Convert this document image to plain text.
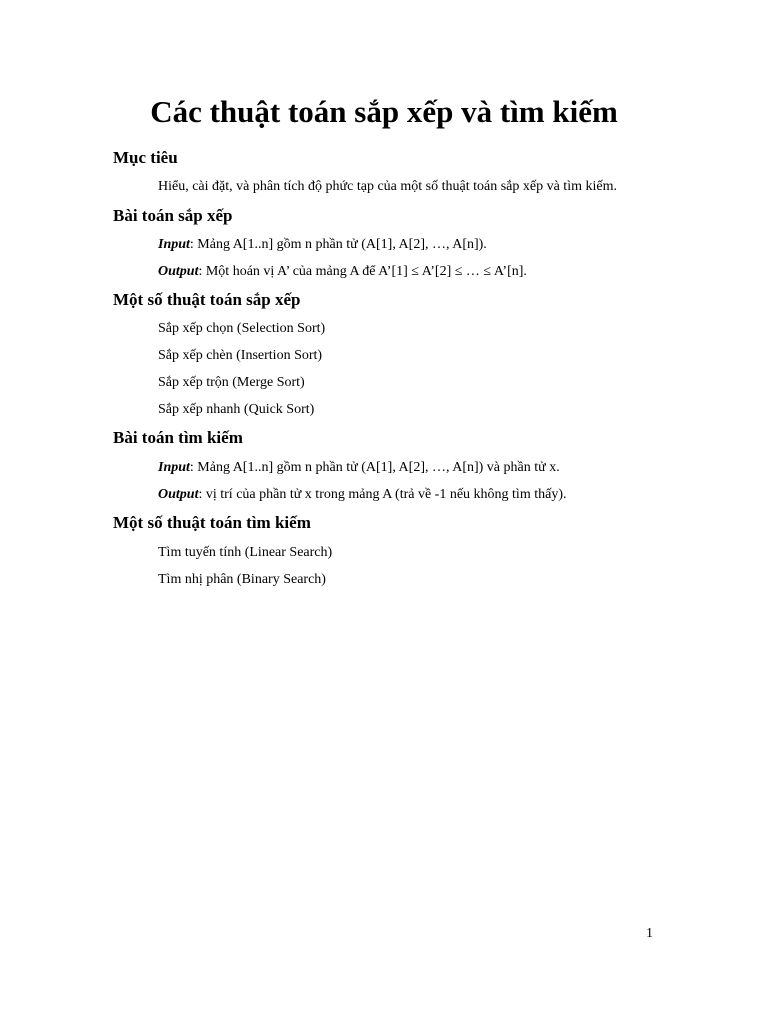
Các thuật toán sắp xếp và tìm kiếm
Mục tiêu

Hiểu, cài đặt, và phân tích độ phức tạp của một số thuật toán sắp xếp và tìm kiếm.

Bài toán sắp xếp

Input: Mảng A[1..n] gồm n phần tử (A[1], A[2], …, A[n]).

Output: Một hoán vị A’ của mảng A để A’[1] ≤ A’[2] ≤ … ≤ A’[n].

Một số thuật toán sắp xếp

Sắp xếp chọn (Selection Sort)

Sắp xếp chèn (Insertion Sort)

Sắp xếp trộn (Merge Sort)

Sắp xếp nhanh (Quick Sort)

Bài toán tìm kiếm

Input: Mảng A[1..n] gồm n phần tử (A[1], A[2], …, A[n]) và phần tử x.

Output: vị trí của phần tử x trong mảng A (trả về -1 nếu không tìm thấy).

Một số thuật toán tìm kiếm

Tìm tuyến tính (Linear Search)

Tìm nhị phân (Binary Search)

1
